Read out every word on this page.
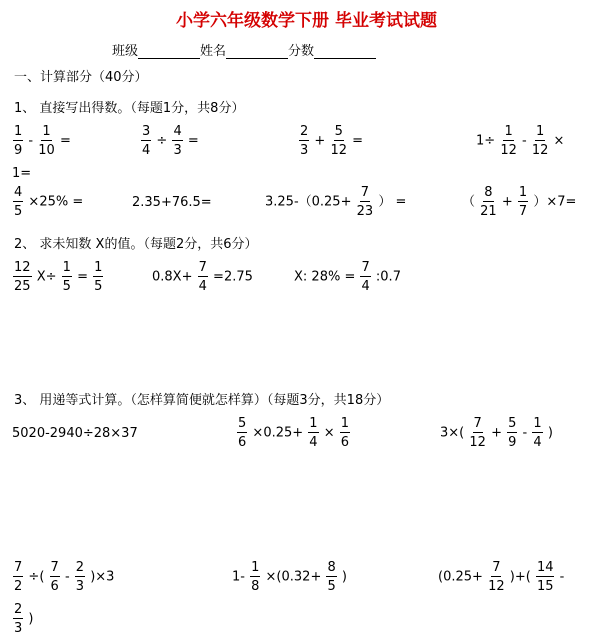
小学六年级数学下册 毕业考试试题
班级	姓名	分数
一、计算部分（40分）
1、 直接写出得数。（每题1分，共8分）
$\frac{1}{9} - \frac{1}{10}$ =	$\frac{3}{4} \div \frac{4}{3}$ =	$\frac{2}{3} + \frac{5}{12}$ =	$1\div \frac{1}{12} - \frac{1}{12}$ ×
1=
$\frac{4}{5} \times 25\%$ =	2.35+76.5=	$3.25-(0.25+ \frac{7}{23}$ ） =	（ $\frac{8}{21} + \frac{1}{7} )\times 7=$
2、 求未知数 X的值。（每题2分，共6分）
$\frac{12}{25} X\div \frac{1}{5} = \frac{1}{5}$	$0.8X+ \frac{7}{4} =2.75$	X: $28\% = \frac{7}{4}$ :0.7
3、 用递等式计算。（怎样算简便就怎样算）（每题3分，共18分）
5020-2940÷28×37	$\frac{5}{6} \times 0.25+ \frac{1}{4} \times \frac{1}{6}$	$3\times( \frac{7}{12} + \frac{5}{9} - \frac{1}{4}$ )
$\frac{7}{2}$ ÷( $\frac{7}{6} - \frac{2}{3} )\times 3$	$1- \frac{1}{8} \times(0.32+ \frac{8}{5}$ )	($0.25+ \frac{7}{12}$ )+( $\frac{14}{15}$ -
$\frac{2}{3}$ )
